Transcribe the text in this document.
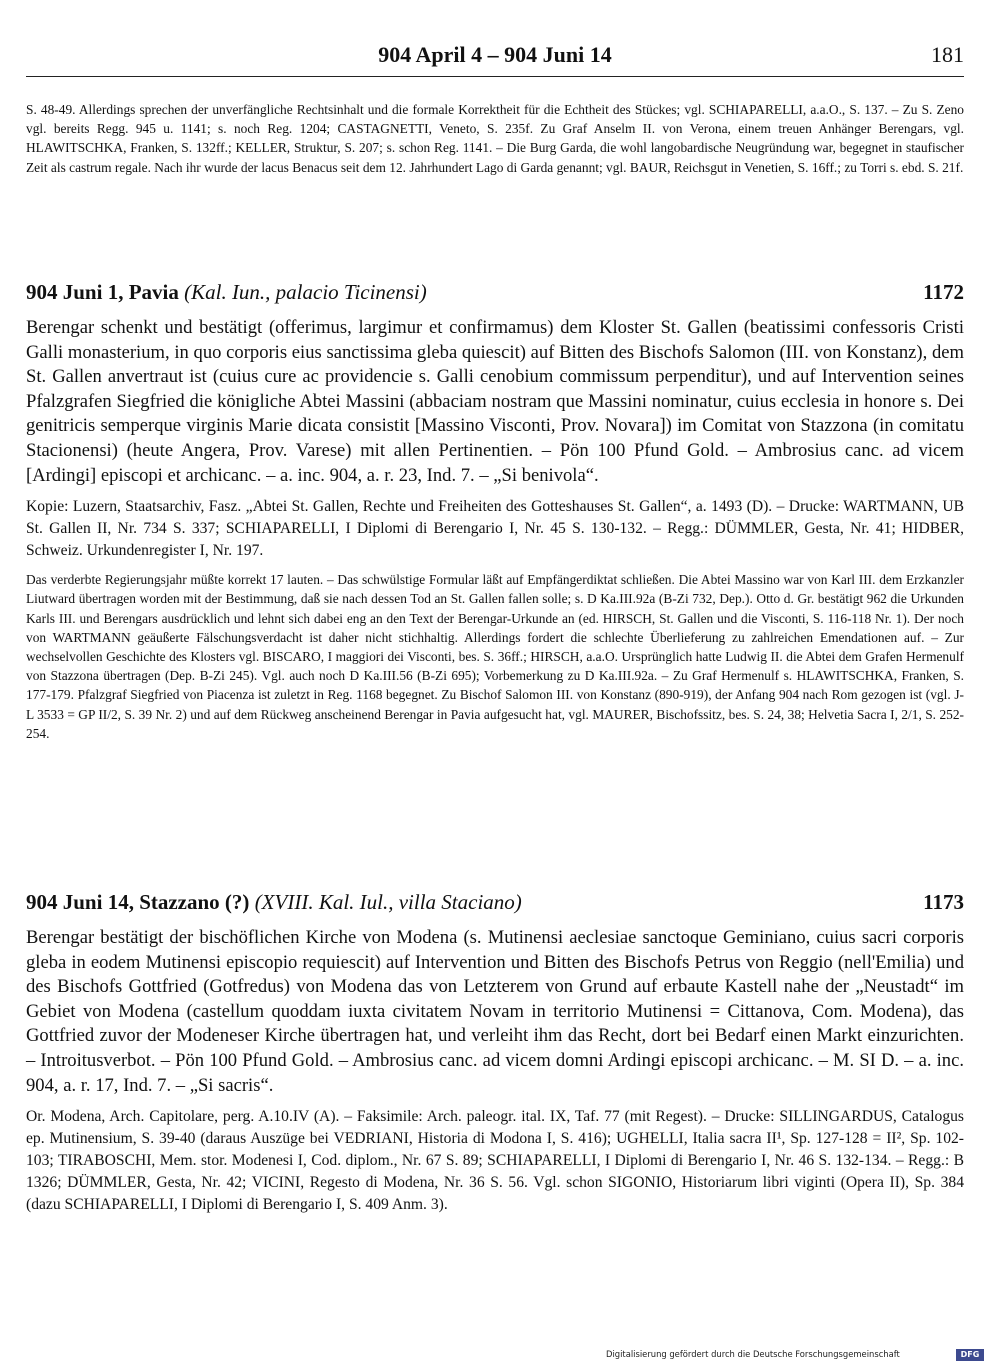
904 April 4 – 904 Juni 14	181

S. 48-49. Allerdings sprechen der unverfängliche Rechtsinhalt und die formale Korrektheit für die Echtheit des Stückes; vgl. SCHIAPARELLI, a.a.O., S. 137. – Zu S. Zeno vgl. bereits Regg. 945 u. 1141; s. noch Reg. 1204; CASTAGNETTI, Veneto, S. 235f. Zu Graf Anselm II. von Verona, einem treuen Anhänger Berengars, vgl. HLAWITSCHKA, Franken, S. 132ff.; KELLER, Struktur, S. 207; s. schon Reg. 1141. – Die Burg Garda, die wohl langobardische Neugründung war, begegnet in staufischer Zeit als castrum regale. Nach ihr wurde der lacus Benacus seit dem 12. Jahrhundert Lago di Garda genannt; vgl. BAUR, Reichsgut in Venetien, S. 16ff.; zu Torri s. ebd. S. 21f.

904 Juni 1, Pavia (Kal. Iun., palacio Ticinensi)	1172

Berengar schenkt und bestätigt (offerimus, largimur et confirmamus) dem Kloster St. Gallen (beatissimi confessoris Cristi Galli monasterium, in quo corporis eius sanctissima gleba quiescit) auf Bitten des Bischofs Salomon (III. von Konstanz), dem St. Gallen anvertraut ist (cuius cure ac providencie s. Galli cenobium commissum perpenditur), und auf Intervention seines Pfalzgrafen Siegfried die königliche Abtei Massini (abbaciam nostram que Massini nominatur, cuius ecclesia in honore s. Dei genitricis semperque virginis Marie dicata consistit [Massino Visconti, Prov. Novara]) im Comitat von Stazzona (in comitatu Stacionensi) (heute Angera, Prov. Varese) mit allen Pertinentien. – Pön 100 Pfund Gold. – Ambrosius canc. ad vicem [Ardingi] episcopi et archicanc. – a. inc. 904, a. r. 23, Ind. 7. – „Si benivola“.

Kopie: Luzern, Staatsarchiv, Fasz. „Abtei St. Gallen, Rechte und Freiheiten des Gotteshauses St. Gallen“, a. 1493 (D). – Drucke: WARTMANN, UB St. Gallen II, Nr. 734 S. 337; SCHIAPARELLI, I Diplomi di Berengario I, Nr. 45 S. 130-132. – Regg.: DÜMMLER, Gesta, Nr. 41; HIDBER, Schweiz. Urkundenregister I, Nr. 197.

Das verderbte Regierungsjahr müßte korrekt 17 lauten. – Das schwülstige Formular läßt auf Empfängerdiktat schließen. Die Abtei Massino war von Karl III. dem Erzkanzler Liutward übertragen worden mit der Bestimmung, daß sie nach dessen Tod an St. Gallen fallen solle; s. D Ka.III.92a (B-Zi 732, Dep.). Otto d. Gr. bestätigt 962 die Urkunden Karls III. und Berengars ausdrücklich und lehnt sich dabei eng an den Text der Berengar-Urkunde an (ed. HIRSCH, St. Gallen und die Visconti, S. 116-118 Nr. 1). Der noch von WARTMANN geäußerte Fälschungsverdacht ist daher nicht stichhaltig. Allerdings fordert die schlechte Überlieferung zu zahlreichen Emendationen auf. – Zur wechselvollen Geschichte des Klosters vgl. BISCARO, I maggiori dei Visconti, bes. S. 36ff.; HIRSCH, a.a.O. Ursprünglich hatte Ludwig II. die Abtei dem Grafen Hermenulf von Stazzona übertragen (Dep. B-Zi 245). Vgl. auch noch D Ka.III.56 (B-Zi 695); Vorbemerkung zu D Ka.III.92a. – Zu Graf Hermenulf s. HLAWITSCHKA, Franken, S. 177-179. Pfalzgraf Siegfried von Piacenza ist zuletzt in Reg. 1168 begegnet. Zu Bischof Salomon III. von Konstanz (890-919), der Anfang 904 nach Rom gezogen ist (vgl. J-L 3533 = GP II/2, S. 39 Nr. 2) und auf dem Rückweg anscheinend Berengar in Pavia aufgesucht hat, vgl. MAURER, Bischofssitz, bes. S. 24, 38; Helvetia Sacra I, 2/1, S. 252-254.

904 Juni 14, Stazzano (?) (XVIII. Kal. Iul., villa Staciano)	1173

Berengar bestätigt der bischöflichen Kirche von Modena (s. Mutinensi aeclesiae sanctoque Geminiano, cuius sacri corporis gleba in eodem Mutinensi episcopio requiescit) auf Intervention und Bitten des Bischofs Petrus von Reggio (nell'Emilia) und des Bischofs Gottfried (Gotfredus) von Modena das von Letzterem von Grund auf erbaute Kastell nahe der „Neustadt“ im Gebiet von Modena (castellum quoddam iuxta civitatem Novam in territorio Mutinensi = Cittanova, Com. Modena), das Gottfried zuvor der Modeneser Kirche übertragen hat, und verleiht ihm das Recht, dort bei Bedarf einen Markt einzurichten. – Introitusverbot. – Pön 100 Pfund Gold. – Ambrosius canc. ad vicem domni Ardingi episcopi archicanc. – M. SI D. – a. inc. 904, a. r. 17, Ind. 7. – „Si sacris“.

Or. Modena, Arch. Capitolare, perg. A.10.IV (A). – Faksimile: Arch. paleogr. ital. IX, Taf. 77 (mit Regest). – Drucke: SILLINGARDUS, Catalogus ep. Mutinensium, S. 39-40 (daraus Auszüge bei VEDRIANI, Historia di Modona I, S. 416); UGHELLI, Italia sacra II¹, Sp. 127-128 = II², Sp. 102-103; TIRABOSCHI, Mem. stor. Modenesi I, Cod. diplom., Nr. 67 S. 89; SCHIAPARELLI, I Diplomi di Berengario I, Nr. 46 S. 132-134. – Regg.: B 1326; DÜMMLER, Gesta, Nr. 42; VICINI, Regesto di Modena, Nr. 36 S. 56. Vgl. schon SIGONIO, Historiarum libri viginti (Opera II), Sp. 384 (dazu SCHIAPARELLI, I Diplomi di Berengario I, S. 409 Anm. 3).

Digitalisierung gefördert durch die Deutsche Forschungsgemeinschaft	DFG
